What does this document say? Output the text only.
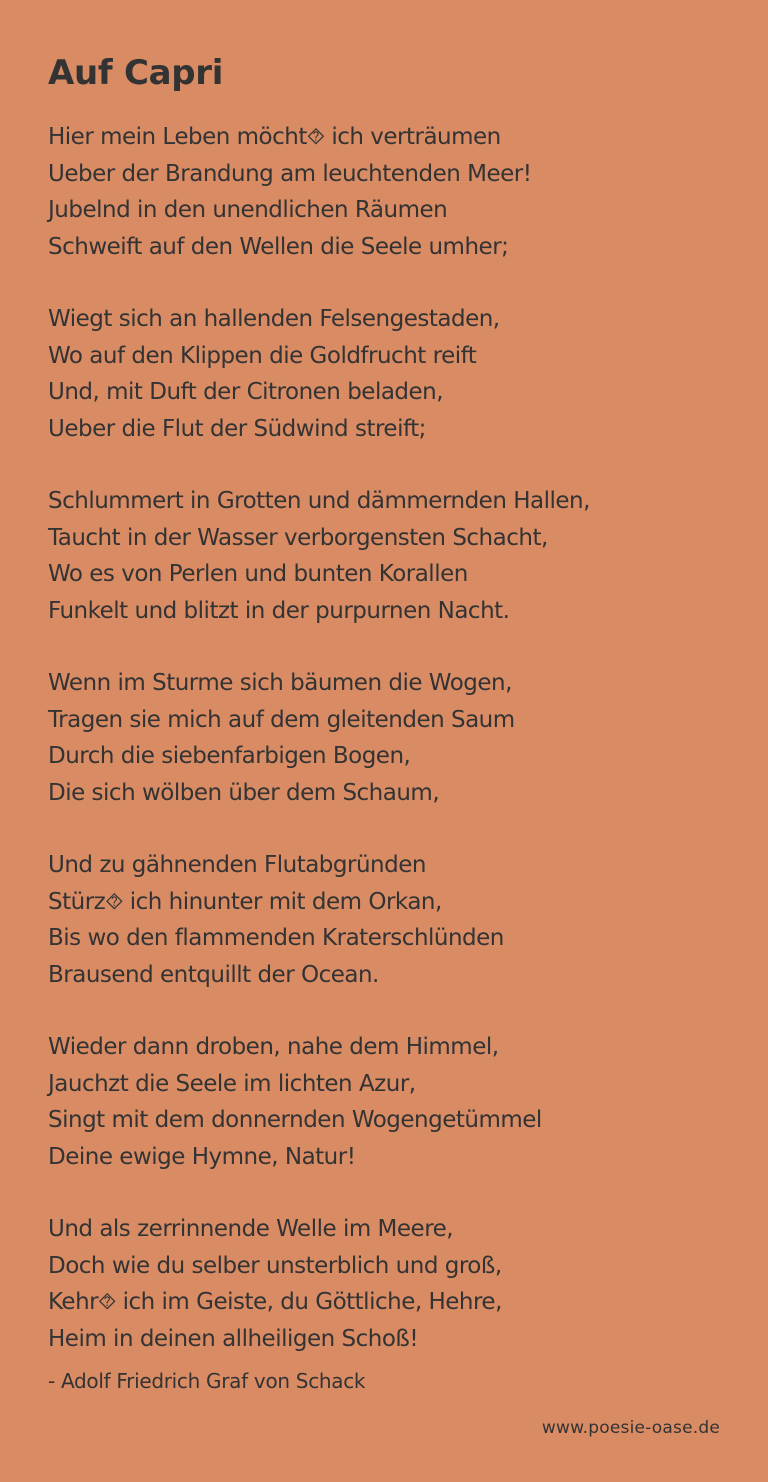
Auf Capri
Hier mein Leben möcht⯑ ich verträumen
Ueber der Brandung am leuchtenden Meer!
Jubelnd in den unendlichen Räumen
Schweift auf den Wellen die Seele umher;
Wiegt sich an hallenden Felsengestaden,
Wo auf den Klippen die Goldfrucht reift
Und, mit Duft der Citronen beladen,
Ueber die Flut der Südwind streift;
Schlummert in Grotten und dämmernden Hallen,
Taucht in der Wasser verborgensten Schacht,
Wo es von Perlen und bunten Korallen
Funkelt und blitzt in der purpurnen Nacht.
Wenn im Sturme sich bäumen die Wogen,
Tragen sie mich auf dem gleitenden Saum
Durch die siebenfarbigen Bogen,
Die sich wölben über dem Schaum,
Und zu gähnenden Flutabgründen
Stürz⯑ ich hinunter mit dem Orkan,
Bis wo den flammenden Kraterschlünden
Brausend entquillt der Ocean.
Wieder dann droben, nahe dem Himmel,
Jauchzt die Seele im lichten Azur,
Singt mit dem donnernden Wogengetümmel
Deine ewige Hymne, Natur!
Und als zerrinnende Welle im Meere,
Doch wie du selber unsterblich und groß,
Kehr⯑ ich im Geiste, du Göttliche, Hehre,
Heim in deinen allheiligen Schoß!
- Adolf Friedrich Graf von Schack
www.poesie-oase.de
